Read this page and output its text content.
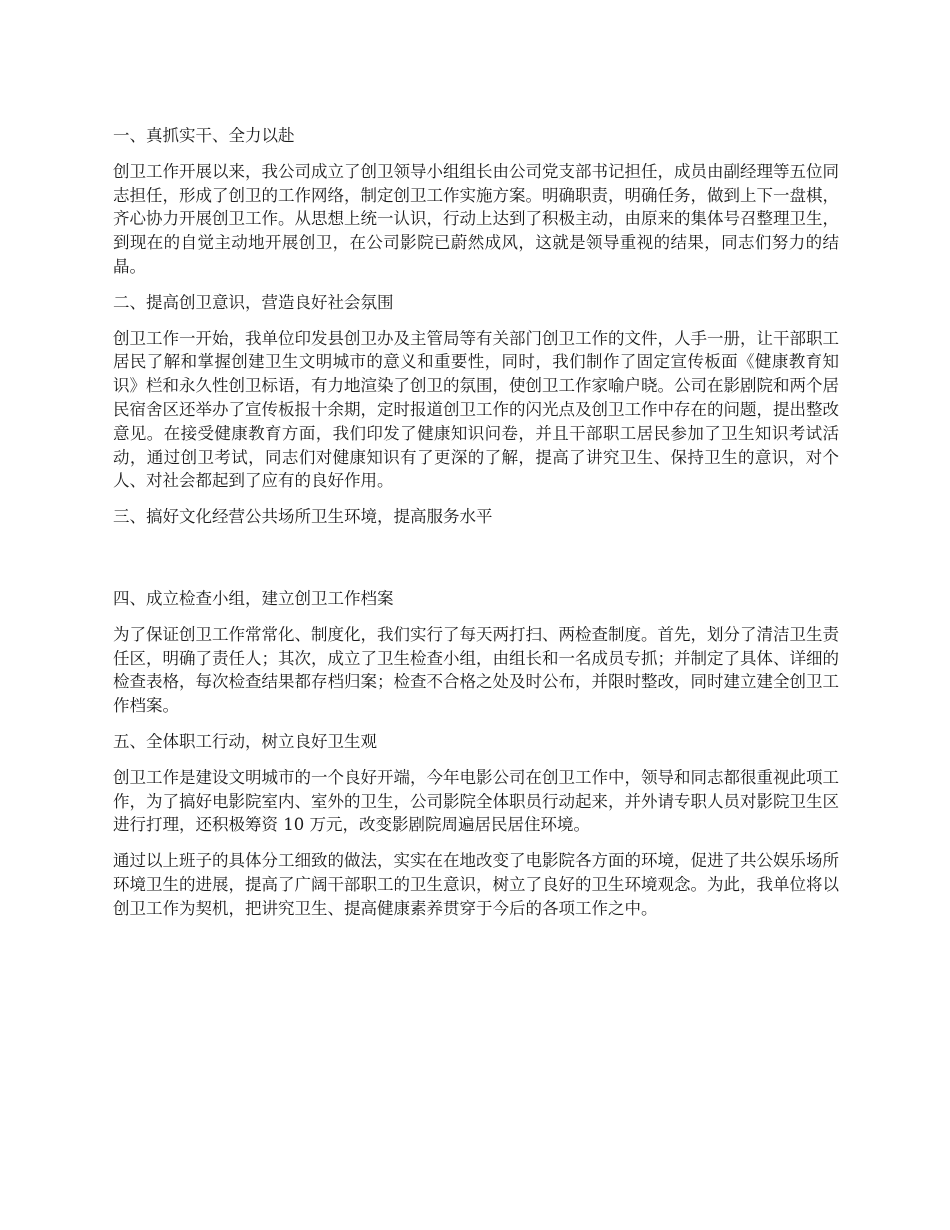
一、真抓实干、全力以赴

创卫工作开展以来，我公司成立了创卫领导小组组长由公司党支部书记担任，成员由副经理等五位同志担任，形成了创卫的工作网络，制定创卫工作实施方案。明确职责，明确任务，做到上下一盘棋，齐心协力开展创卫工作。从思想上统一认识，行动上达到了积极主动，由原来的集体号召整理卫生，到现在的自觉主动地开展创卫，在公司影院已蔚然成风，这就是领导重视的结果，同志们努力的结晶。

二、提高创卫意识，营造良好社会氛围

创卫工作一开始，我单位印发县创卫办及主管局等有关部门创卫工作的文件，人手一册，让干部职工居民了解和掌握创建卫生文明城市的意义和重要性，同时，我们制作了固定宣传板面《健康教育知识》栏和永久性创卫标语，有力地渲染了创卫的氛围，使创卫工作家喻户晓。公司在影剧院和两个居民宿舍区还举办了宣传板报十余期，定时报道创卫工作的闪光点及创卫工作中存在的问题，提出整改意见。在接受健康教育方面，我们印发了健康知识问卷，并且干部职工居民参加了卫生知识考试活动，通过创卫考试，同志们对健康知识有了更深的了解，提高了讲究卫生、保持卫生的意识，对个人、对社会都起到了应有的良好作用。

三、搞好文化经营公共场所卫生环境，提高服务水平

四、成立检查小组，建立创卫工作档案

为了保证创卫工作常常化、制度化，我们实行了每天两打扫、两检查制度。首先，划分了清洁卫生责任区，明确了责任人；其次，成立了卫生检查小组，由组长和一名成员专抓；并制定了具体、详细的检查表格，每次检查结果都存档归案；检查不合格之处及时公布，并限时整改，同时建立建全创卫工作档案。

五、全体职工行动，树立良好卫生观

创卫工作是建设文明城市的一个良好开端，今年电影公司在创卫工作中，领导和同志都很重视此项工作，为了搞好电影院室内、室外的卫生，公司影院全体职员行动起来，并外请专职人员对影院卫生区进行打理，还积极筹资 10 万元，改变影剧院周遍居民居住环境。

通过以上班子的具体分工细致的做法，实实在在地改变了电影院各方面的环境，促进了共公娱乐场所环境卫生的进展，提高了广阔干部职工的卫生意识，树立了良好的卫生环境观念。为此，我单位将以创卫工作为契机，把讲究卫生、提高健康素养贯穿于今后的各项工作之中。
